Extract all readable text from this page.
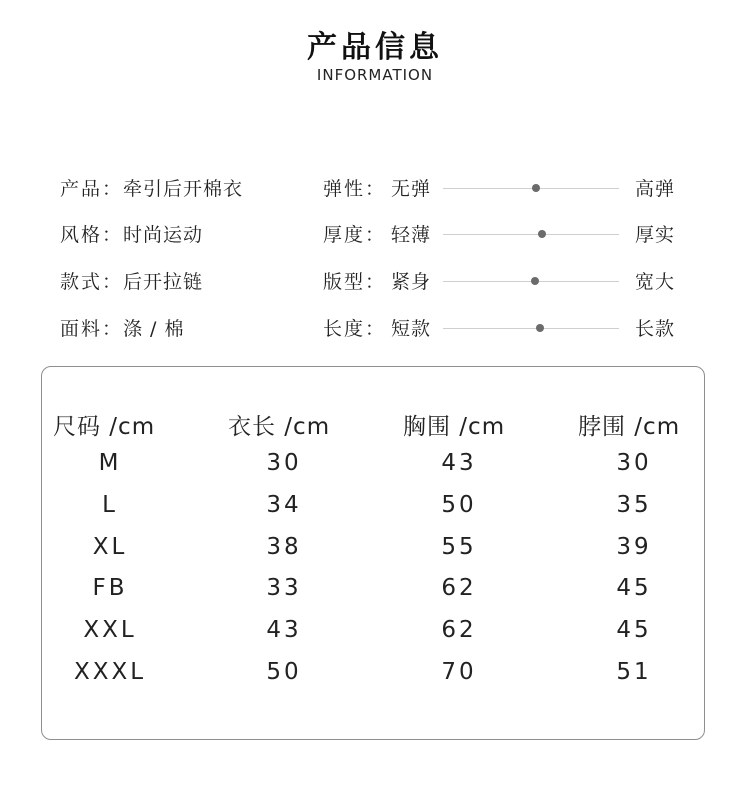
产品信息
INFORMATION
产品：牵引后开棉衣
风格：时尚运动
款式：后开拉链
面料：涤 / 棉
弹性： 无弹	高弹
厚度： 轻薄	厚实
版型： 紧身	宽大
长度： 短款	长款
尺码 /cm	衣长 /cm	胸围 /cm	脖围 /cm
M	30	43	30
L	34	50	35
XL	38	55	39
FB	33	62	45
XXL	43	62	45
XXXL	50	70	51
